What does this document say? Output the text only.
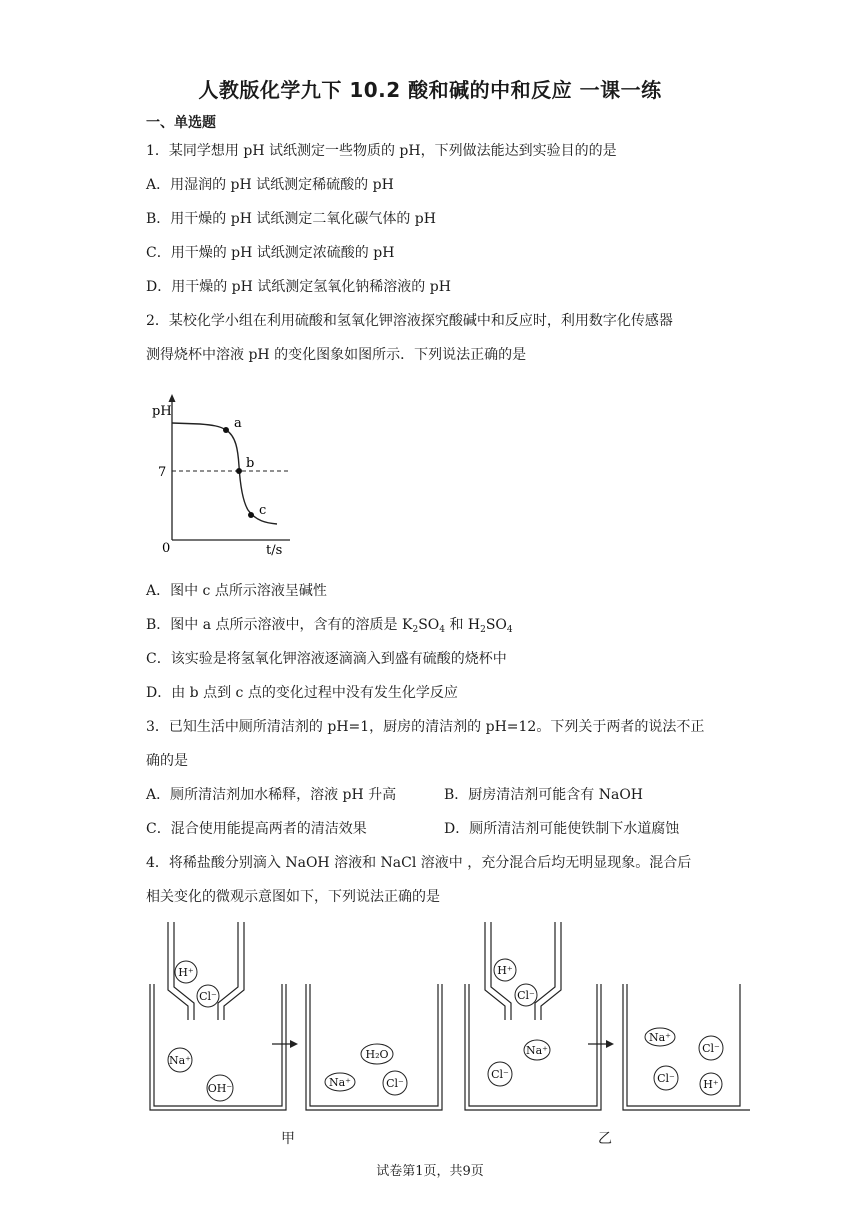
人教版化学九下 10.2 酸和碱的中和反应 一课一练
一、单选题
1．某同学想用 pH 试纸测定一些物质的 pH，下列做法能达到实验目的的是
A．用湿润的 pH 试纸测定稀硫酸的 pH
B．用干燥的 pH 试纸测定二氧化碳气体的 pH
C．用干燥的 pH 试纸测定浓硫酸的 pH
D．用干燥的 pH 试纸测定氢氧化钠稀溶液的 pH
2．某校化学小组在利用硫酸和氢氧化钾溶液探究酸碱中和反应时，利用数字化传感器
测得烧杯中溶液 pH 的变化图象如图所示．下列说法正确的是
pH
t/s
0
7
a
b
c
A．图中 c 点所示溶液呈碱性
B．图中 a 点所示溶液中，含有的溶质是 $K_2SO_4$ 和 $H_2SO_4$
C．该实验是将氢氧化钾溶液逐滴滴入到盛有硫酸的烧杯中
D．由 b 点到 c 点的变化过程中没有发生化学反应
3．已知生活中厕所清洁剂的 pH=1，厨房的清洁剂的 pH=12。下列关于两者的说法不正
确的是
A．厕所清洁剂加水稀释，溶液 pH 升高	B．厨房清洁剂可能含有 NaOH
C．混合使用能提高两者的清洁效果	D．厕所清洁剂可能使铁制下水道腐蚀
4．将稀盐酸分别滴入 NaOH 溶液和 NaCl 溶液中 ，充分混合后均无明显现象。混合后
相关变化的微观示意图如下，下列说法正确的是
H⁺
Cl⁻
Na⁺
OH⁻
H₂O
Na⁺	Cl⁻
H⁺
Cl⁻
Na⁺
Cl⁻
Na⁺
Cl⁻
Cl⁻	H⁺
甲	乙
试卷第1页，共9页
